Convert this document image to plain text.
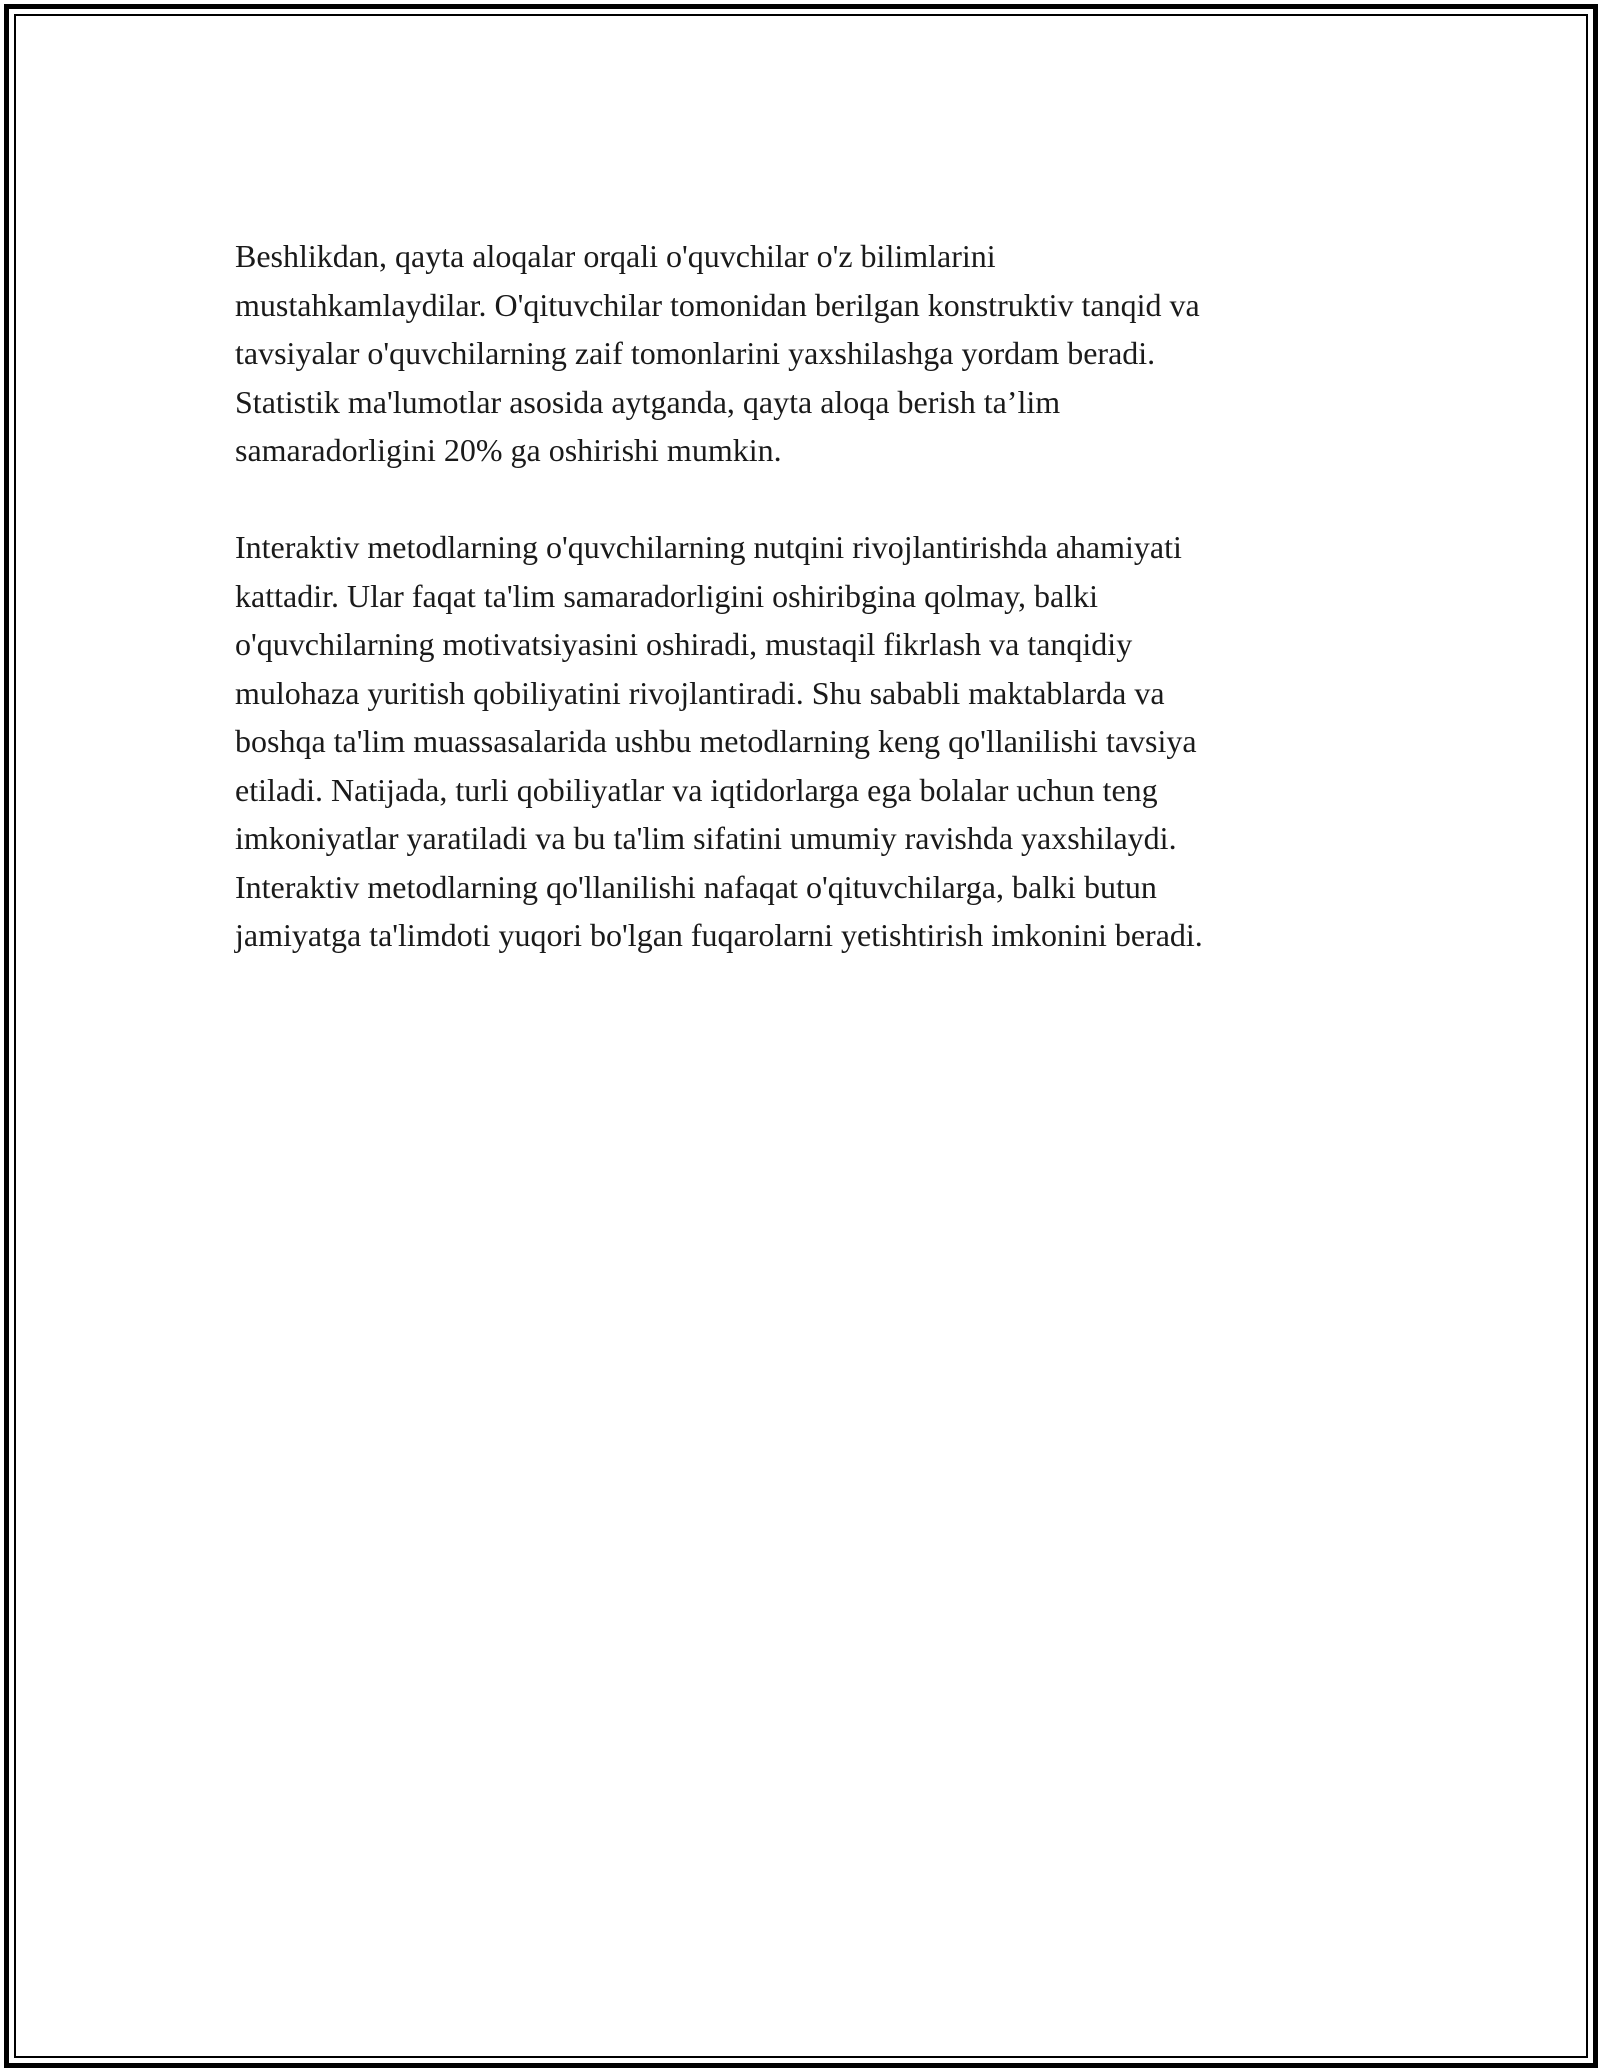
Beshlikdan, qayta aloqalar orqali o'quvchilar o'z bilimlarini
mustahkamlaydilar. O'qituvchilar tomonidan berilgan konstruktiv tanqid va
tavsiyalar o'quvchilarning zaif tomonlarini yaxshilashga yordam beradi.
Statistik ma'lumotlar asosida aytganda, qayta aloqa berish ta’lim
samaradorligini 20% ga oshirishi mumkin.

Interaktiv metodlarning o'quvchilarning nutqini rivojlantirishda ahamiyati
kattadir. Ular faqat ta'lim samaradorligini oshiribgina qolmay, balki
o'quvchilarning motivatsiyasini oshiradi, mustaqil fikrlash va tanqidiy
mulohaza yuritish qobiliyatini rivojlantiradi. Shu sababli maktablarda va
boshqa ta'lim muassasalarida ushbu metodlarning keng qo'llanilishi tavsiya
etiladi. Natijada, turli qobiliyatlar va iqtidorlarga ega bolalar uchun teng
imkoniyatlar yaratiladi va bu ta'lim sifatini umumiy ravishda yaxshilaydi.
Interaktiv metodlarning qo'llanilishi nafaqat o'qituvchilarga, balki butun
jamiyatga ta'limdoti yuqori bo'lgan fuqarolarni yetishtirish imkonini beradi.
